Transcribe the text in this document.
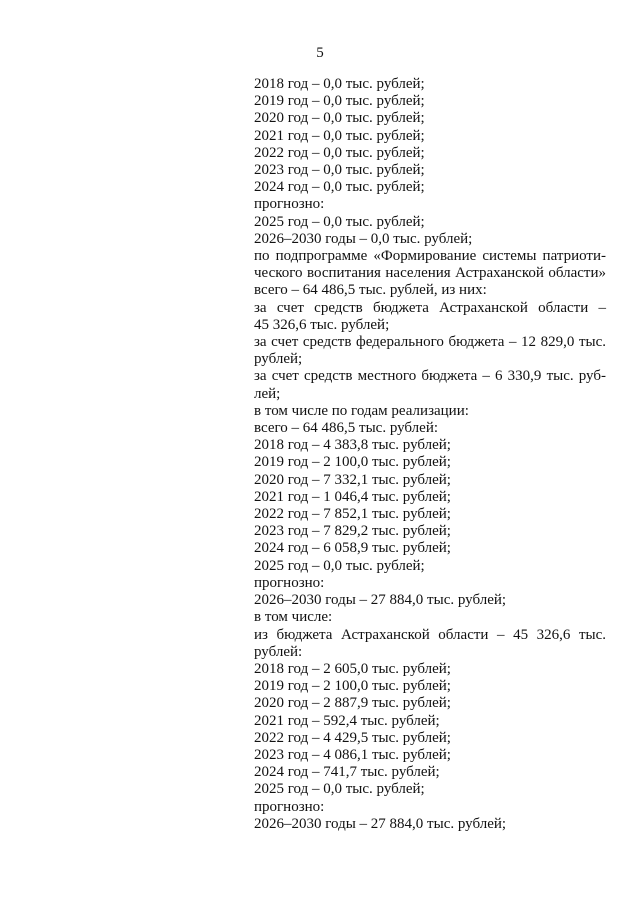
5
2018 год – 0,0 тыс. рублей;
2019 год – 0,0 тыс. рублей;
2020 год – 0,0 тыс. рублей;
2021 год – 0,0 тыс. рублей;
2022 год – 0,0 тыс. рублей;
2023 год – 0,0 тыс. рублей;
2024 год – 0,0 тыс. рублей;
прогнозно:
2025 год – 0,0 тыс. рублей;
2026–2030 годы – 0,0 тыс. рублей;
по подпрограмме «Формирование системы патриоти-
ческого воспитания населения Астраханской области»
всего – 64 486,5 тыс. рублей, из них:
за счет средств бюджета Астраханской области –
45 326,6 тыс. рублей;
за счет средств федерального бюджета – 12 829,0 тыс.
рублей;
за счет средств местного бюджета – 6 330,9 тыс. руб-
лей;
в том числе по годам реализации:
всего – 64 486,5 тыс. рублей:
2018 год – 4 383,8 тыс. рублей;
2019 год – 2 100,0 тыс. рублей;
2020 год – 7 332,1 тыс. рублей;
2021 год – 1 046,4 тыс. рублей;
2022 год – 7 852,1 тыс. рублей;
2023 год – 7 829,2 тыс. рублей;
2024 год – 6 058,9 тыс. рублей;
2025 год – 0,0 тыс. рублей;
прогнозно:
2026–2030 годы – 27 884,0 тыс. рублей;
в том числе:
из бюджета Астраханской области – 45 326,6 тыс.
рублей:
2018 год – 2 605,0 тыс. рублей;
2019 год – 2 100,0 тыс. рублей;
2020 год – 2 887,9 тыс. рублей;
2021 год – 592,4 тыс. рублей;
2022 год – 4 429,5 тыс. рублей;
2023 год – 4 086,1 тыс. рублей;
2024 год – 741,7 тыс. рублей;
2025 год – 0,0 тыс. рублей;
прогнозно:
2026–2030 годы – 27 884,0 тыс. рублей;
